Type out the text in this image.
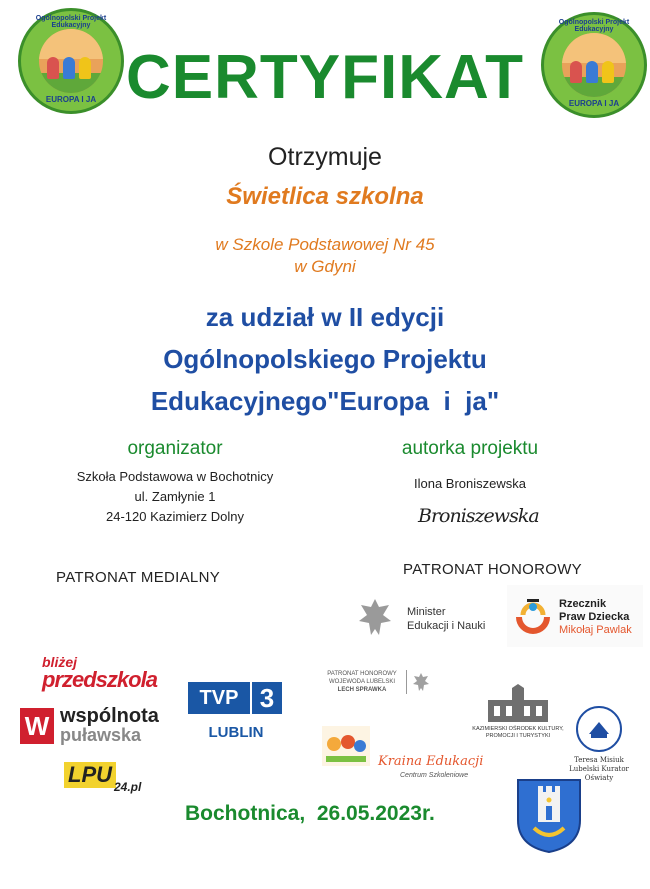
Ogólnopolski Projekt Edukacyjny
EUROPA I JA
Ogólnopolski Projekt Edukacyjny
EUROPA I JA
CERTYFIKAT
Otrzymuje
Świetlica szkolna
w Szkole Podstawowej Nr 45
w Gdyni
za udział w II edycji
Ogólnopolskiego Projektu
Edukacyjnego"Europa  i  ja"
organizator
Szkoła Podstawowa w Bochotnicy
ul. Zamłynie 1
24-120 Kazimierz Dolny
autorka projektu
Ilona Broniszewska
Broniszewska
PATRONAT MEDIALNY	PATRONAT HONOROWY
Minister
Edukacji i Nauki
Rzecznik
Praw Dziecka
Mikołaj Pawlak
bliżej
przedszkola
TVP 3
LUBLIN
W wspólnota
puławska
LPU 24.pl
PATRONAT HONOROWY
WOJEWODA LUBELSKI
LECH SPRAWKA
Kraina Edukacji
Centrum Szkoleniowe
KAZIMIERSKI OŚRODEK KULTURY,
PROMOCJI I TURYSTYKI
Teresa Misiuk
Lubelski Kurator Oświaty
Bochotnica,  26.05.2023r.
